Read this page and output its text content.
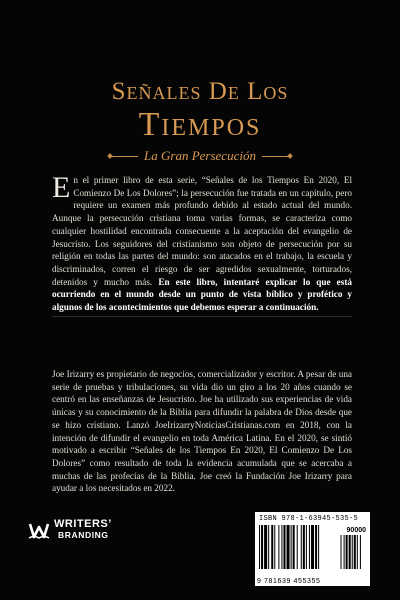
Señales De Los
Tiempos
La Gran Persecución
En el primer libro de esta serie, “Señales de los Tiempos En 2020, El Comienzo De Los Dolores”; la persecución fue tratada en un capítulo, pero requiere un examen más profundo debido al estado actual del mundo. Aunque la persecución cristiana toma varias formas, se caracteriza como cualquier hostilidad encontrada consecuente a la aceptación del evangelio de Jesucristo. Los seguidores del cristianismo son objeto de persecución por su religión en todas las partes del mundo: son atacados en el trabajo, la escuela y discriminados, corren el riesgo de ser agredidos sexualmente, torturados, detenidos y mucho más. En este libro, intentaré explicar lo que está ocurriendo en el mundo desde un punto de vista bíblico y profético y algunos de los acontecimientos que debemos esperar a continuación.
Joe Irizarry es propietario de negocios, comercializador y escritor. A pesar de una serie de pruebas y tribulaciones, su vida dio un giro a los 20 años cuando se centró en las enseñanzas de Jesucristo. Joe ha utilizado sus experiencias de vida únicas y su conocimiento de la Biblia para difundir la palabra de Dios desde que se hizo cristiano. Lanzó JoeIrizarryNoticiasCristianas.com en 2018, con la intención de difundir el evangelio en toda América Latina. En el 2020, se sintió motivado a escribir “Señales de los Tiempos En 2020, El Comienzo De Los Dolores” como resultado de toda la evidencia acumulada que se acercaba a muchas de las profecías de la Biblia. Joe creó la Fundación Joe Irizarry para ayudar a los necesitados en 2022.
WRITERS’
BRANDING
ISBN 978-1-63945-535-5
90000
9 781639 455355
